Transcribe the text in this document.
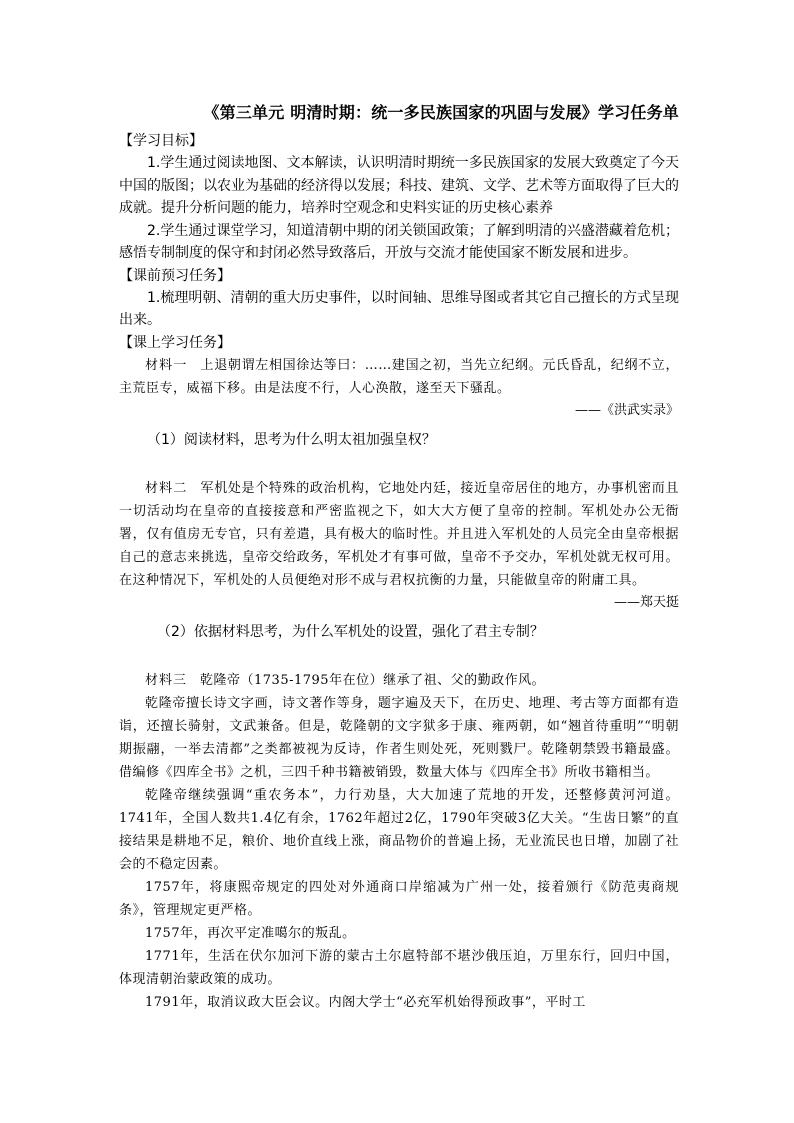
《第三单元 明清时期：统一多民族国家的巩固与发展》学习任务单
【学习目标】

1.学生通过阅读地图、文本解读，认识明清时期统一多民族国家的发展大致奠定了今天中国的版图；以农业为基础的经济得以发展；科技、建筑、文学、艺术等方面取得了巨大的成就。提升分析问题的能力，培养时空观念和史料实证的历史核心素养

2.学生通过课堂学习，知道清朝中期的闭关锁国政策；了解到明清的兴盛潜藏着危机；感悟专制制度的保守和封闭必然导致落后，开放与交流才能使国家不断发展和进步。

【课前预习任务】

1.梳理明朝、清朝的重大历史事件，以时间轴、思维导图或者其它自己擅长的方式呈现出来。

【课上学习任务】

材料一 上退朝谓左相国徐达等曰：……建国之初，当先立纪纲。元氏昏乱，纪纲不立，主荒臣专，威福下移。由是法度不行，人心涣散，遂至天下骚乱。

——《洪武实录》
（1）阅读材料，思考为什么明太祖加强皇权？

材料二 军机处是个特殊的政治机构，它地处内廷，接近皇帝居住的地方，办事机密而且一切活动均在皇帝的直接接意和严密监视之下，如大大方便了皇帝的控制。军机处办公无衙署，仅有值房无专官，只有差遣，具有极大的临时性。并且进入军机处的人员完全由皇帝根据自己的意志来挑选，皇帝交给政务，军机处才有事可做，皇帝不予交办，军机处就无权可用。在这种情况下，军机处的人员便绝对形不成与君权抗衡的力量，只能做皇帝的附庸工具。

——郑天挺
（2）依据材料思考，为什么军机处的设置，强化了君主专制？

材料三 乾隆帝（1735-1795年在位）继承了祖、父的勤政作风。

乾隆帝擅长诗文字画，诗文著作等身，题字遍及天下，在历史、地理、考古等方面都有造诣，还擅长骑射，文武兼备。但是，乾隆朝的文字狱多于康、雍两朝，如“翘首待重明”“明朝期振翮，一举去清都”之类都被视为反诗，作者生则处死，死则戮尸。乾隆朝禁毁书籍最盛。借编修《四库全书》之机，三四千种书籍被销毁，数量大体与《四库全书》所收书籍相当。

乾隆帝继续强调“重农务本”，力行劝垦，大大加速了荒地的开发，还整修黄河河道。1741年，全国人数共1.4亿有余，1762年超过2亿，1790年突破3亿大关。“生齿日繁”的直接结果是耕地不足，粮价、地价直线上涨，商品物价的普遍上扬，无业流民也日增，加剧了社会的不稳定因素。

1757年，将康熙帝规定的四处对外通商口岸缩减为广州一处，接着颁行《防范夷商规条》，管理规定更严格。

1757年，再次平定准噶尔的叛乱。

1771年，生活在伏尔加河下游的蒙古土尔扈特部不堪沙俄压迫，万里东行，回归中国，体现清朝治蒙政策的成功。

1791年，取消议政大臣会议。内阁大学士“必充军机始得预政事”，平时工
